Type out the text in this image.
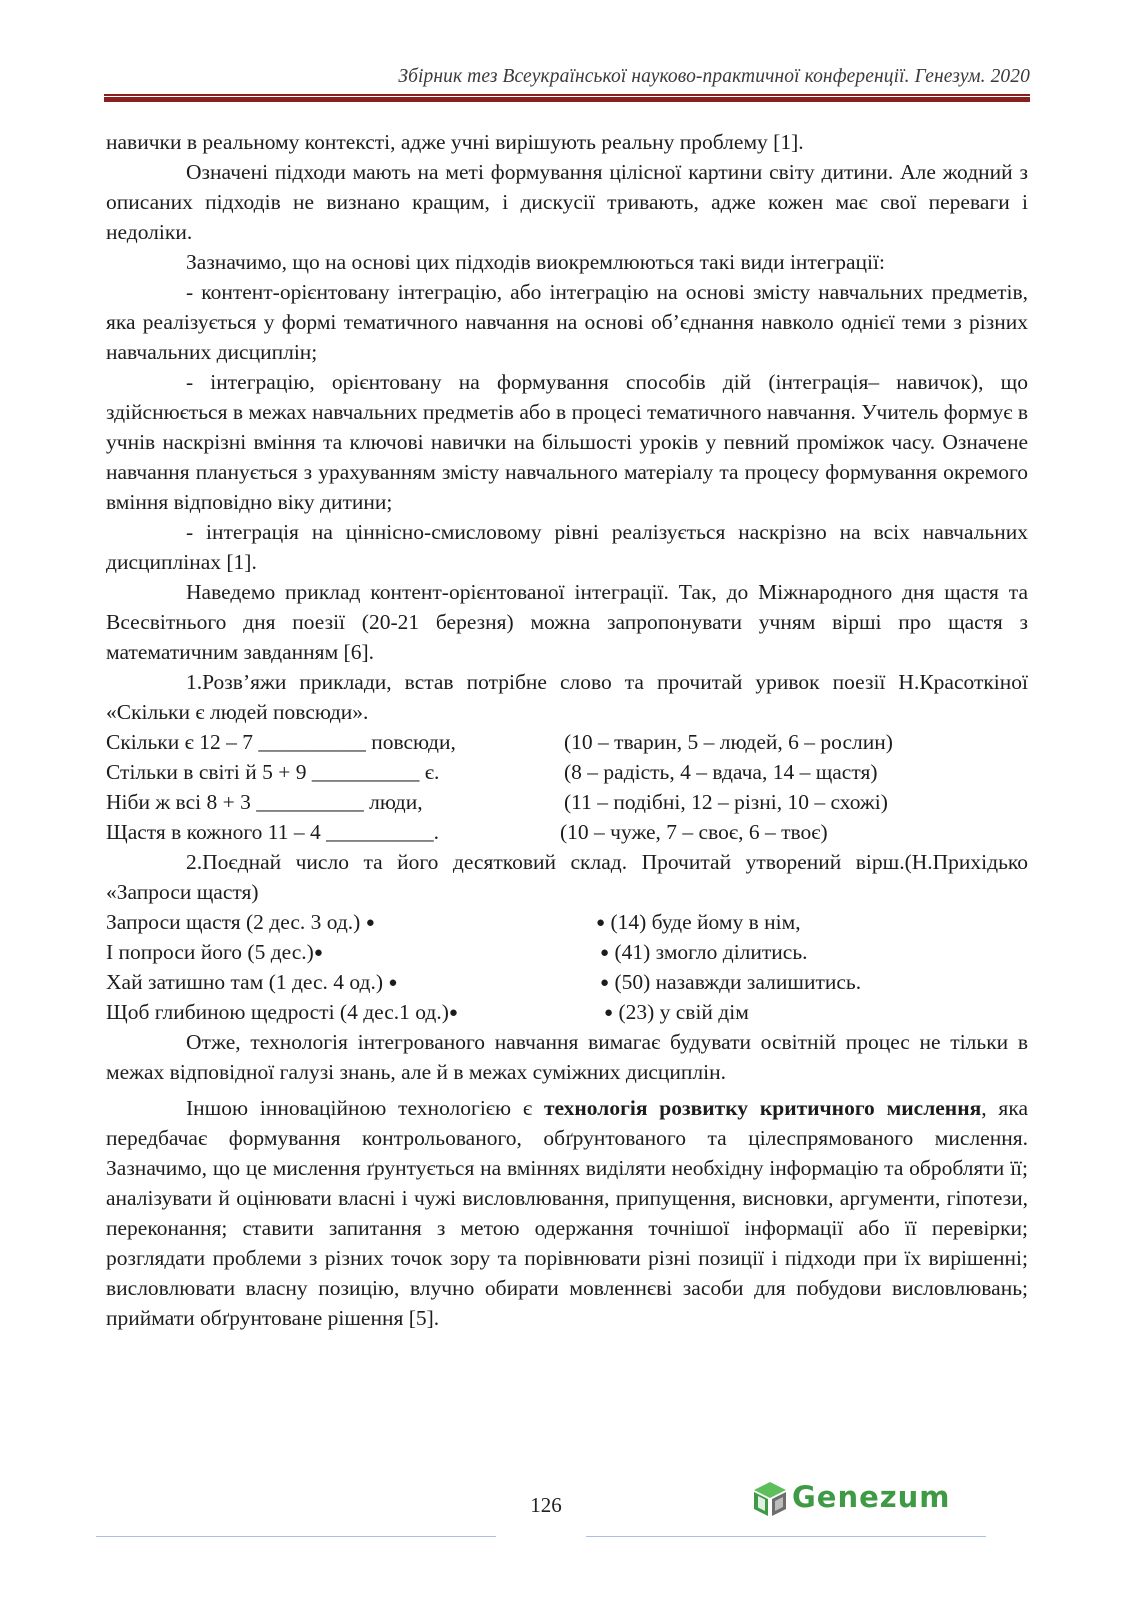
Збірник тез Всеукраїнської науково-практичної конференції. Генезум. 2020

навички в реальному контексті, адже учні вирішують реальну проблему [1].

Означені підходи мають на меті формування цілісної картини світу дитини. Але жодний з описаних підходів не визнано кращим, і дискусії тривають, адже кожен має свої переваги і недоліки.

Зазначимо, що на основі цих підходів виокремлюються такі види інтеграції:

- контент-орієнтовану інтеграцію, або інтеграцію на основі змісту навчальних предметів, яка реалізується у формі тематичного навчання на основі об’єднання навколо однієї теми з різних навчальних дисциплін;

- інтеграцію, орієнтовану на формування способів дій (інтеграція– навичок), що здійснюється в межах навчальних предметів або в процесі тематичного навчання. Учитель формує в учнів наскрізні вміння та ключові навички на більшості уроків у певний проміжок часу. Означене навчання планується з урахуванням змісту навчального матеріалу та процесу формування окремого вміння відповідно віку дитини;

- інтеграція на ціннісно-смисловому рівні реалізується наскрізно на всіх навчальних дисциплінах [1].

Наведемо приклад контент-орієнтованої інтеграції. Так, до Міжнародного дня щастя та Всесвітнього дня поезії (20-21 березня) можна запропонувати учням вірші про щастя з математичним завданням [6].

1.Розв’яжи приклади, встав потрібне слово та прочитай уривок поезії Н.Красоткіної «Скільки є людей повсюди».

Скільки є 12 – 7 __________ повсюди,	(10 – тварин, 5 – людей, 6 – рослин)
Стільки в світі й 5 + 9 __________ є.	(8 – радість, 4 – вдача, 14 – щастя)
Ніби ж всі 8 + 3 __________ люди,	(11 – подібні, 12 – різні, 10 – схожі)
Щастя в кожного 11 – 4 __________.	(10 – чуже, 7 – своє, 6 – твоє)

2.Поєднай число та його десятковий склад. Прочитай утворений вірш.(Н.Прихідько «Запроси щастя)

Запроси щастя (2 дес. 3 од.) ●	● (14) буде йому в нім,
І попроси його (5 дес.)●	● (41) змогло ділитись.
Хай затишно там (1 дес. 4 од.) ●	● (50) назавжди залишитись.
Щоб глибиною щедрості (4 дес.1 од.)●	● (23) у свій дім

Отже, технологія інтегрованого навчання вимагає будувати освітній процес не тільки в межах відповідної галузі знань, але й в межах суміжних дисциплін.

Іншою інноваційною технологією є технологія розвитку критичного мислення, яка передбачає формування контрольованого, обґрунтованого та цілеспрямованого мислення. Зазначимо, що це мислення ґрунтується на вміннях виділяти необхідну інформацію та обробляти її; аналізувати й оцінювати власні і чужі висловлювання, припущення, висновки, аргументи, гіпотези, переконання; ставити запитання з метою одержання точнішої інформації або її перевірки; розглядати проблеми з різних точок зору та порівнювати різні позиції і підходи при їх вирішенні; висловлювати власну позицію, влучно обирати мовленнєві засоби для побудови висловлювань; приймати обґрунтоване рішення [5].

126	Genezum
